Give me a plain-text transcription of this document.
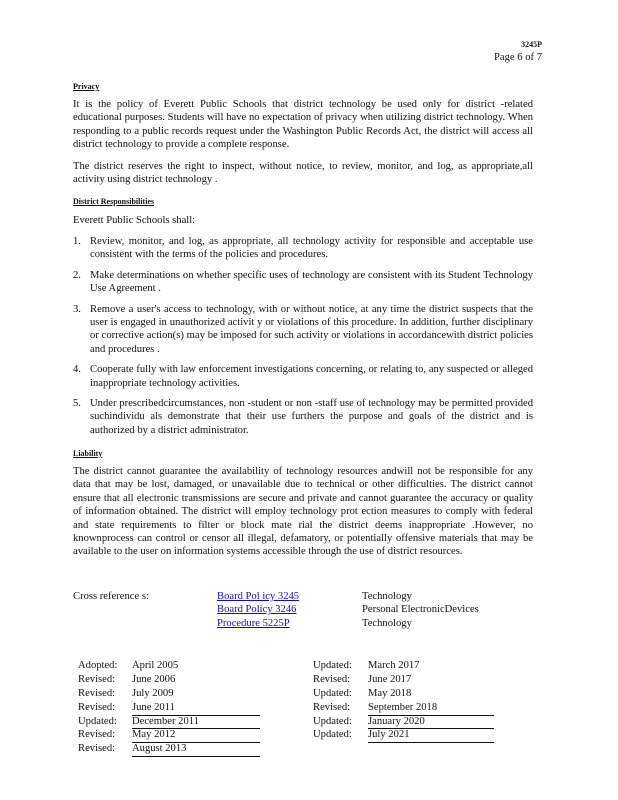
3245P
Page 6 of 7
Privacy
It is the policy of Everett Public Schools that district technology be used only for district -related educational purposes. Students will have no expectation of privacy when utilizing district technology. When responding to a public records request under the Washington Public Records Act, the district will access all district technology to provide a complete response.
The district reserves the right to inspect, without notice, to review, monitor, and log, as appropriate,all activity using district technology .
District Responsibilities
Everett Public Schools shall:
1. Review, monitor, and log, as appropriate, all technology activity for responsible and acceptable use consistent with the terms of the policies and procedures.
2. Make determinations on whether specific uses of technology are consistent with its Student Technology Use Agreement .
3. Remove a user's access to technology, with or without notice, at any time the district suspects that the user is engaged in unauthorized activit y or violations of this procedure. In addition, further disciplinary or corrective action(s) may be imposed for such activity or violations in accordancewith district policies and procedures .
4. Cooperate fully with law enforcement investigations concerning, or relating to, any suspected or alleged inappropriate technology activities.
5. Under prescribedcircumstances, non -student or non -staff use of technology may be permitted provided suchindividu als demonstrate that their use furthers the purpose and goals of the district and is authorized by a district administrator.
Liability
The district cannot guarantee the availability of technology resources andwill not be responsible for any data that may be lost, damaged, or unavailable due to technical or other difficulties. The district cannot ensure that all electronic transmissions are secure and private and cannot guarantee the accuracy or quality of information obtained. The district will employ technology prot ection measures to comply with federal and state requirements to filter or block mate rial the district deems inappropriate .However, no knownprocess can control or censor all illegal, defamatory, or potentially offensive materials that may be available to the user on information systems accessible through the use of district resources.
Cross reference s:	Board Pol icy 3245
Board Policy 3246
Procedure 5225P
Technology
Personal ElectronicDevices
Technology
Adopted: April 2005
Revised: June 2006
Revised: July 2009
Revised: June 2011
Updated: December 2011
Revised: May 2012
Revised: August 2013
Updated: March 2017
Revised: June 2017
Updated: May 2018
Revised: September 2018
Updated: January 2020
Updated: July 2021
